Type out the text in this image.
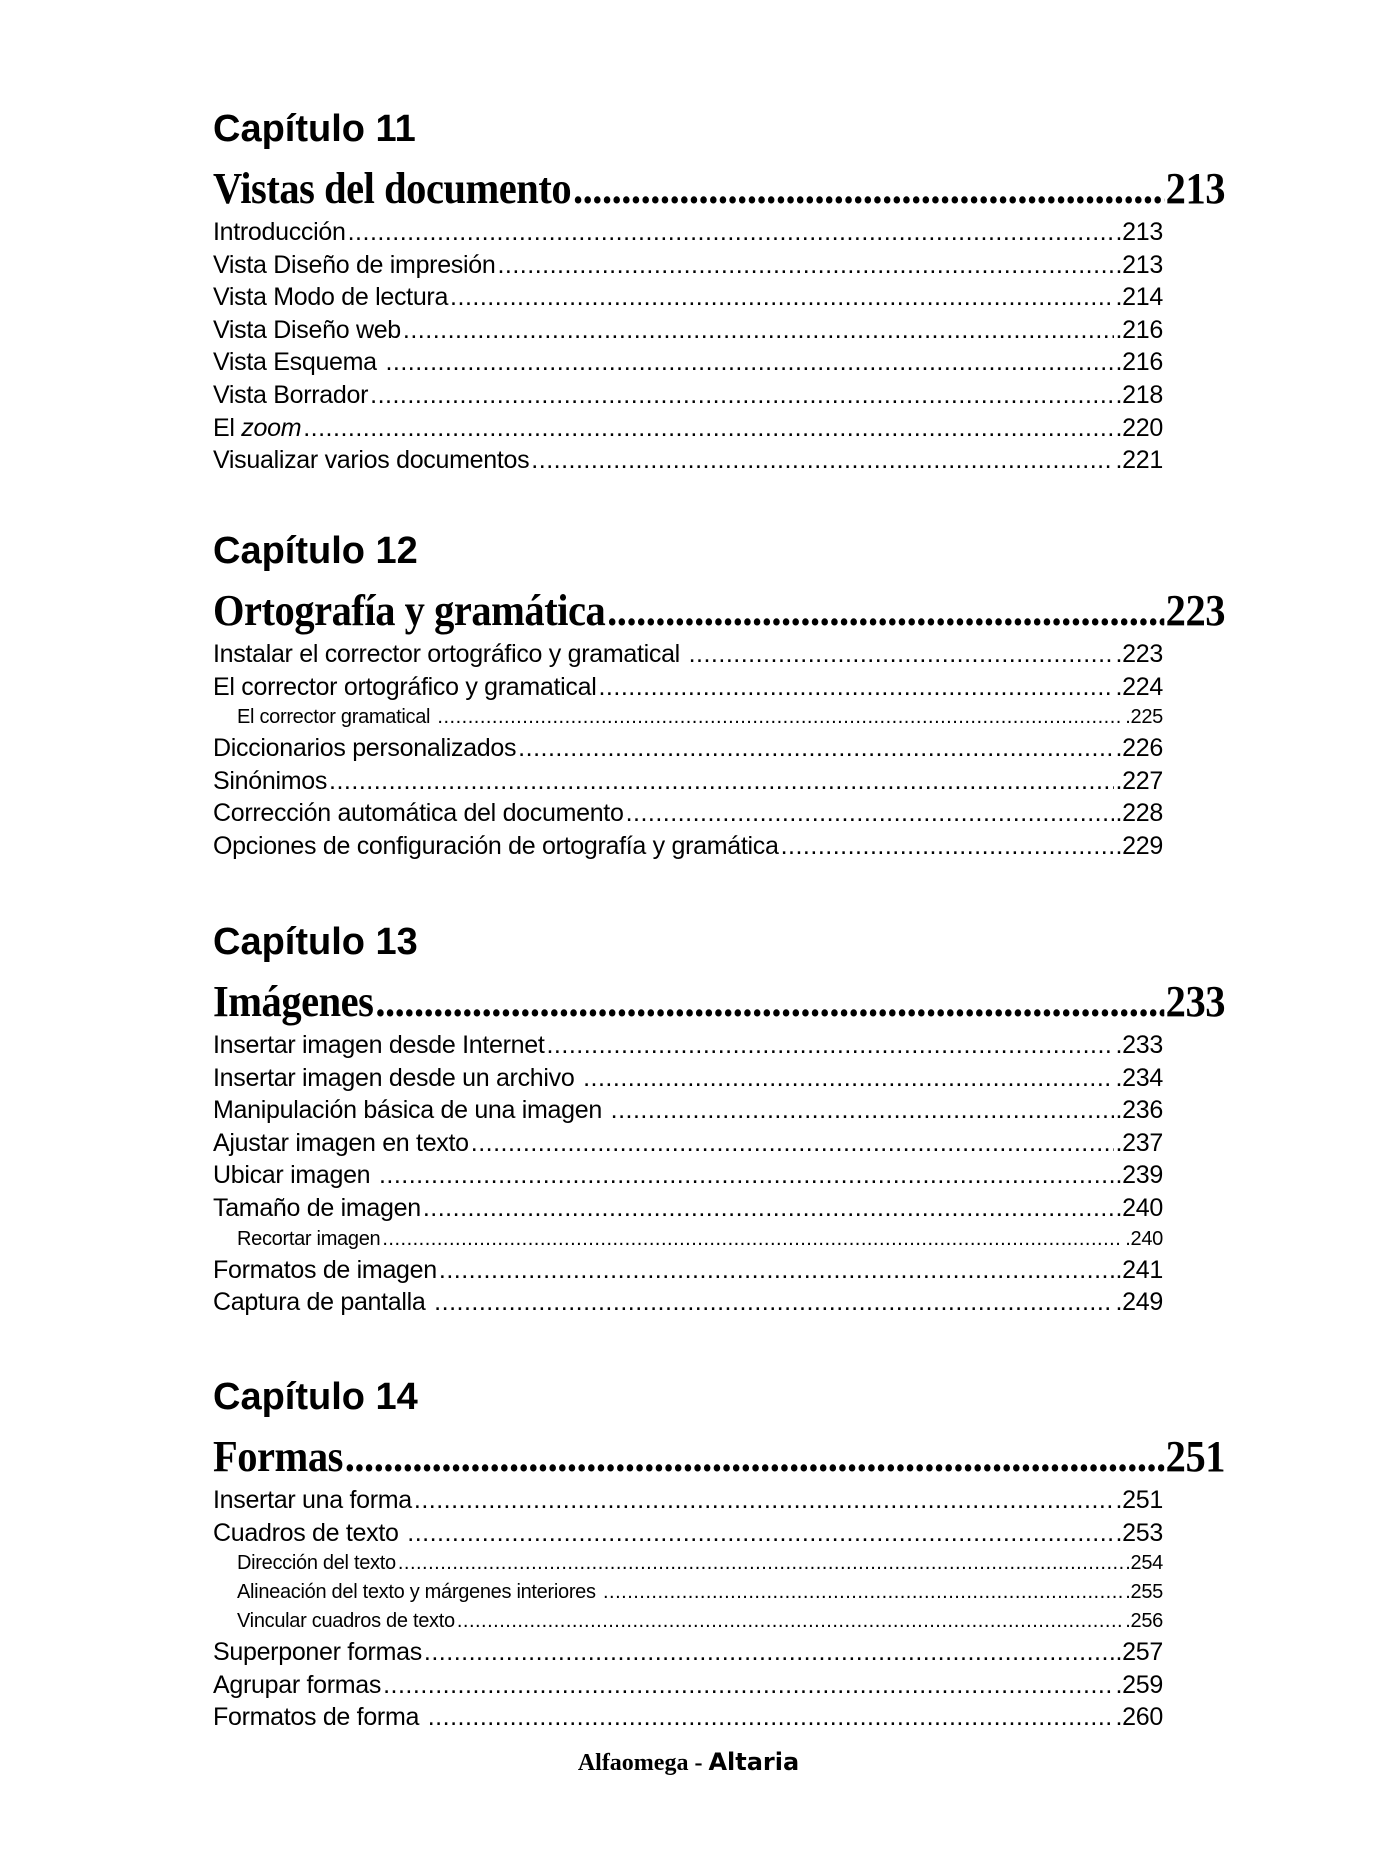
Capítulo 11
Vistas del documento .....	213
Introducción .....	.213
Vista Diseño de impresión .....	.213
Vista Modo de lectura .....	.214
Vista Diseño web .....	.216
Vista Esquema .....	.216
Vista Borrador .....	.218
El zoom .....	.220
Visualizar varios documentos .....	.221
Capítulo 12
Ortografía y gramática .....	223
Instalar el corrector ortográfico y gramatical .....	.223
El corrector ortográfico y gramatical .....	.224
El corrector gramatical .....	.225
Diccionarios personalizados .....	.226
Sinónimos .....	.227
Corrección automática del documento .....	.228
Opciones de configuración de ortografía y gramática .....	.229
Capítulo 13
Imágenes .....	233
Insertar imagen desde Internet .....	.233
Insertar imagen desde un archivo .....	.234
Manipulación básica de una imagen .....	.236
Ajustar imagen en texto .....	.237
Ubicar imagen .....	.239
Tamaño de imagen .....	.240
Recortar imagen .....	.240
Formatos de imagen .....	.241
Captura de pantalla .....	.249
Capítulo 14
Formas .....	251
Insertar una forma .....	.251
Cuadros de texto .....	.253
Dirección del texto .....	.254
Alineación del texto y márgenes interiores .....	.255
Vincular cuadros de texto .....	.256
Superponer formas .....	.257
Agrupar formas .....	.259
Formatos de forma .....	.260
Alfaomega - Altaria
